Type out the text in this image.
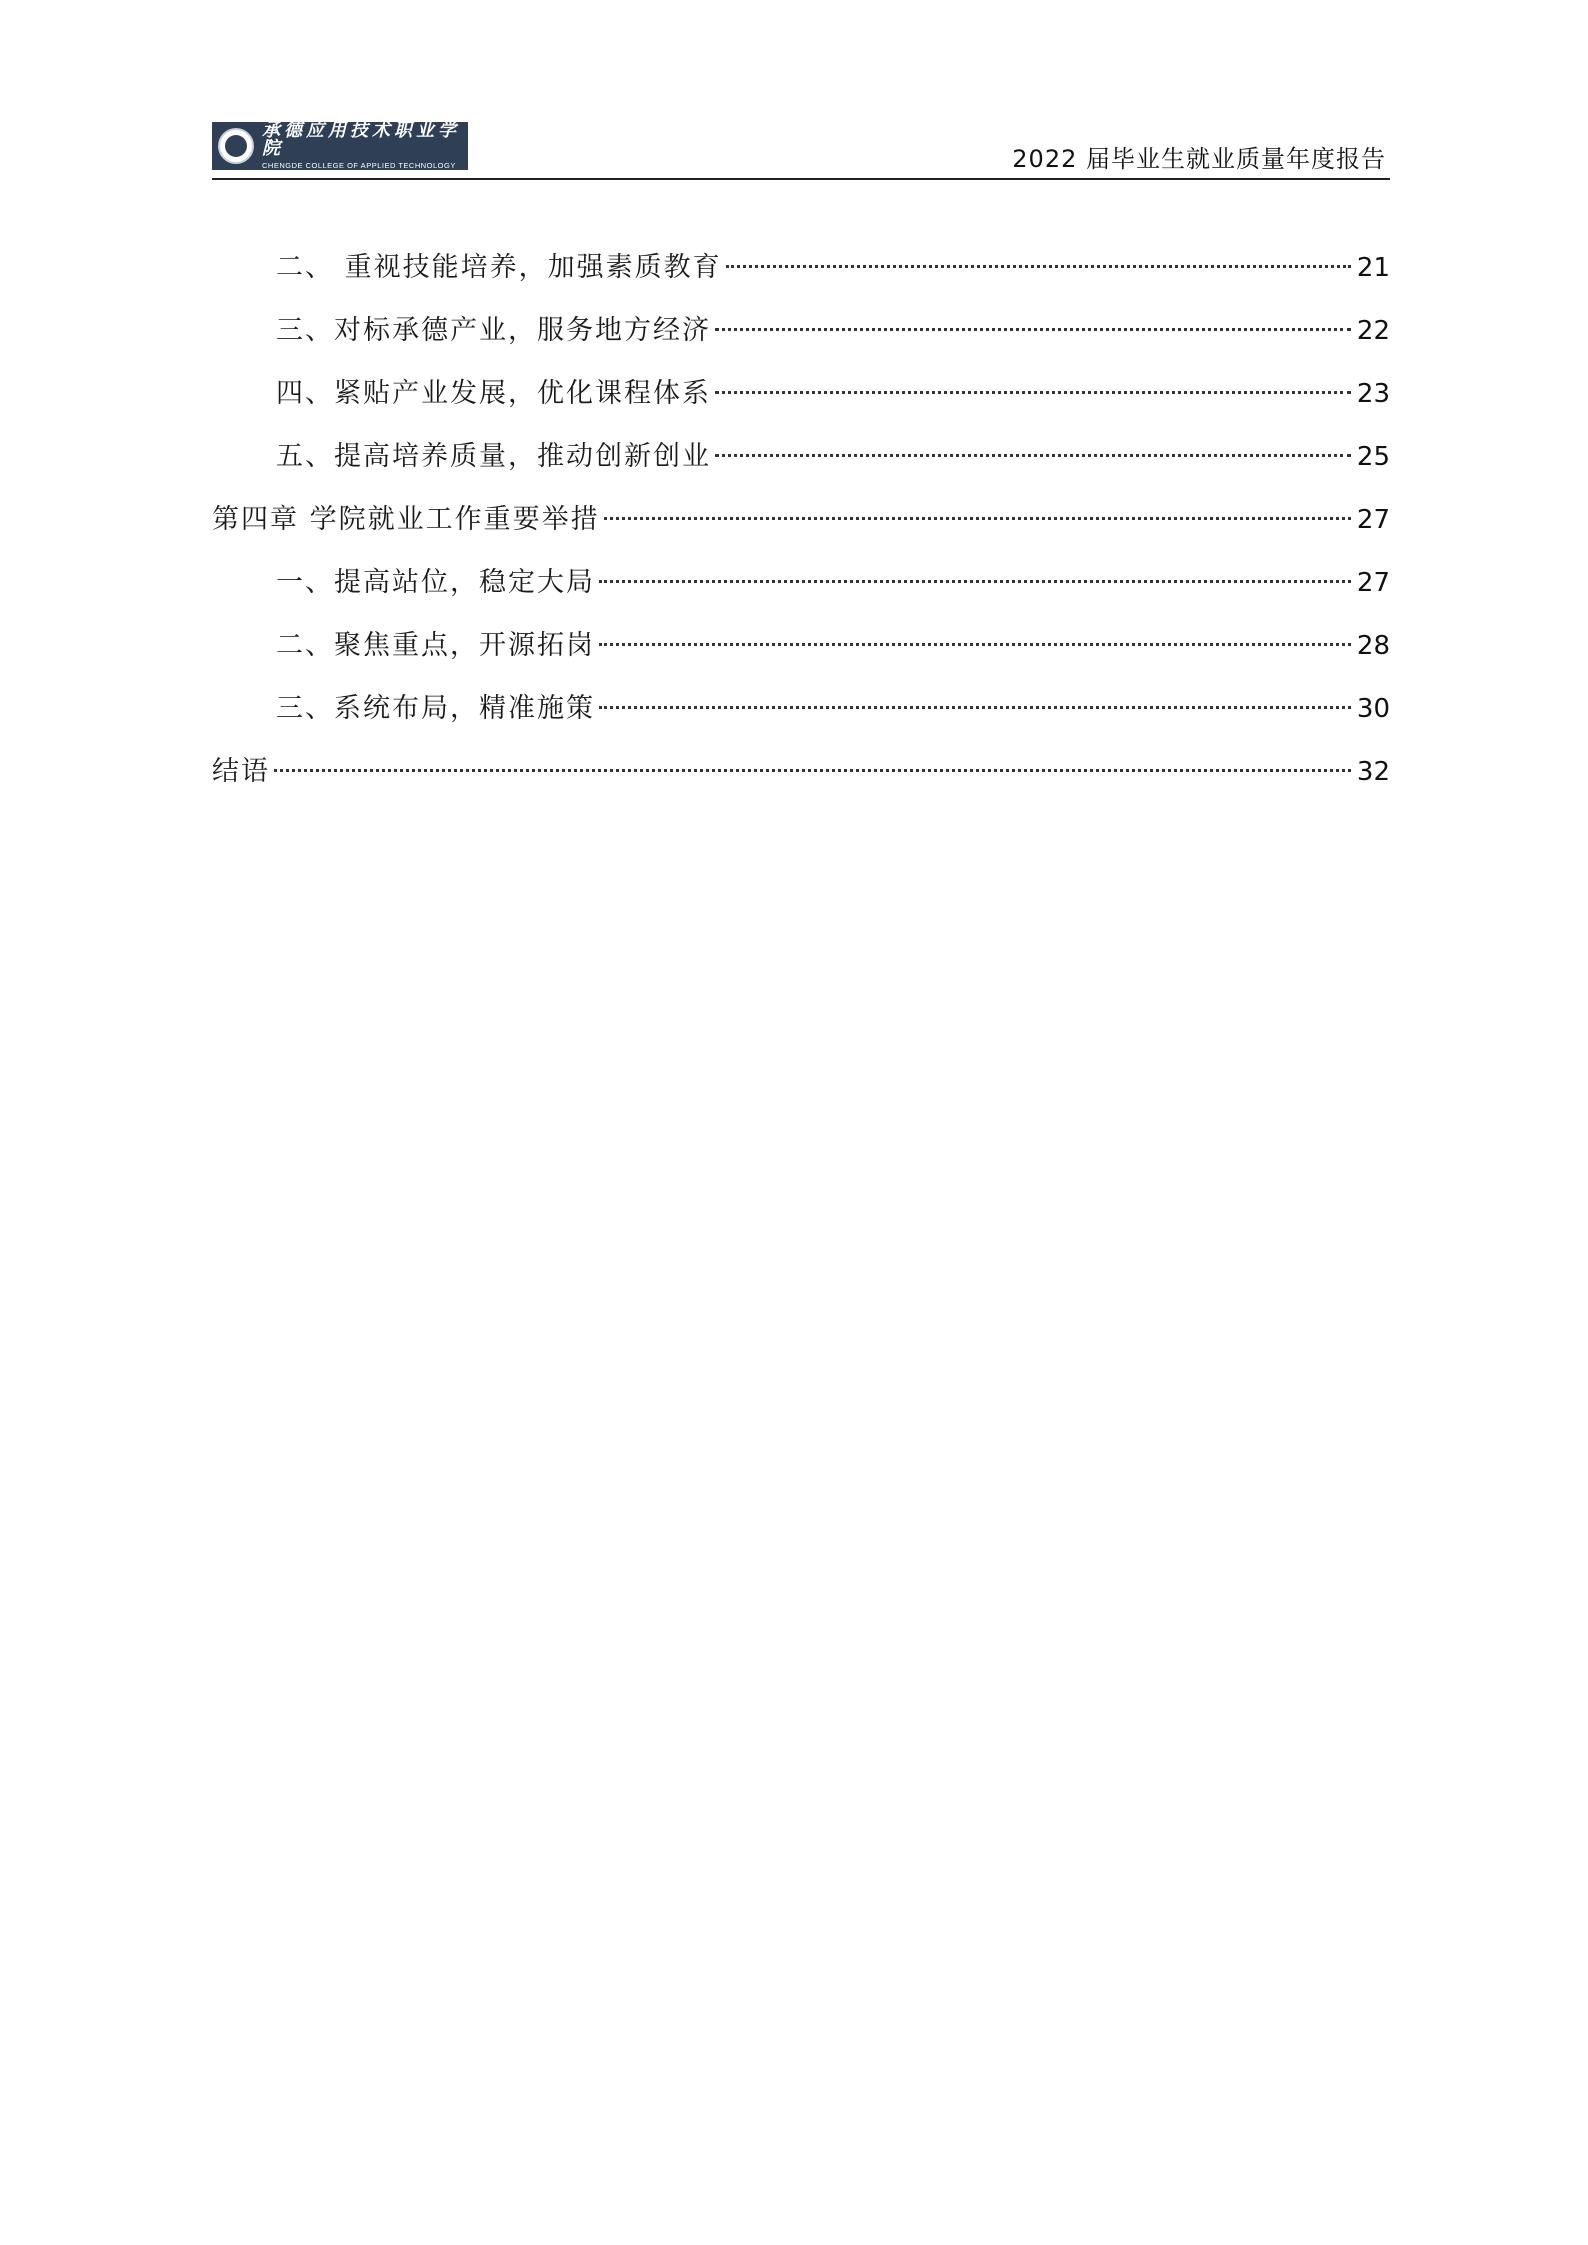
承德应用技术职业学院
CHENGDE COLLEGE OF APPLIED TECHNOLOGY	2022 届毕业生就业质量年度报告
二、 重视技能培养，加强素质教育	21
三、对标承德产业，服务地方经济	22
四、紧贴产业发展，优化课程体系	23
五、提高培养质量，推动创新创业	25
第四章 学院就业工作重要举措	27
一、提高站位，稳定大局	27
二、聚焦重点，开源拓岗	28
三、系统布局，精准施策	30
结语	32
